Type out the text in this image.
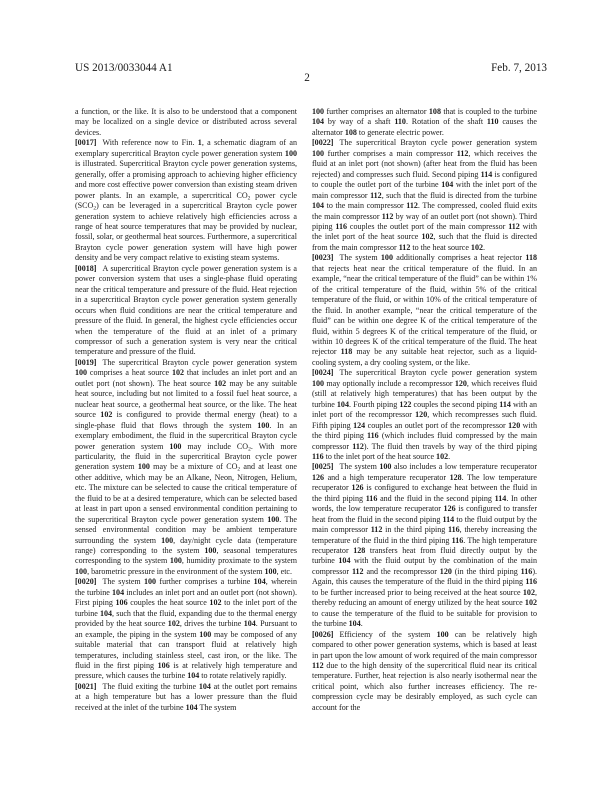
US 2013/0033044 A1	Feb. 7, 2013
2

a function, or the like. It is also to be understood that a component may be localized on a single device or distributed across several devices.

[0017] With reference now to Fin. 1, a schematic diagram of an exemplary supercritical Brayton cycle power generation system 100 is illustrated. Supercritical Brayton cycle power generation systems, generally, offer a promising approach to achieving higher efficiency and more cost effective power conversion than existing steam driven power plants. In an example, a supercritical $CO_2$ power cycle $(SCO_2)$ can be leveraged in a supercritical Brayton cycle power generation system to achieve relatively high efficiencies across a range of heat source temperatures that may be provided by nuclear, fossil, solar, or geothermal heat sources. Furthermore, a supercritical Brayton cycle power generation system will have high power density and be very compact relative to existing steam systems.

[0018] A supercritical Brayton cycle power generation system is a power conversion system that uses a single-phase fluid operating near the critical temperature and pressure of the fluid. Heat rejection in a supercritical Brayton cycle power generation system generally occurs when fluid conditions are near the critical temperature and pressure of the fluid. In general, the highest cycle efficiencies occur when the temperature of the fluid at an inlet of a primary compressor of such a generation system is very near the critical temperature and pressure of the fluid.

[0019] The supercritical Brayton cycle power generation system 100 comprises a heat source 102 that includes an inlet port and an outlet port (not shown). The heat source 102 may be any suitable heat source, including but not limited to a fossil fuel heat source, a nuclear heat source, a geothermal heat source, or the like. The heat source 102 is configured to provide thermal energy (heat) to a single-phase fluid that flows through the system 100. In an exemplary embodiment, the fluid in the supercritical Brayton cycle power generation system 100 may include $CO_2$. With more particularity, the fluid in the supercritical Brayton cycle power generation system 100 may be a mixture of $CO_2$ and at least one other additive, which may be an Alkane, Neon, Nitrogen, Helium, etc. The mixture can be selected to cause the critical temperature of the fluid to be at a desired temperature, which can be selected based at least in part upon a sensed environmental condition pertaining to the supercritical Brayton cycle power generation system 100. The sensed environmental condition may be ambient temperature surrounding the system 100, day/night cycle data (temperature range) corresponding to the system 100, seasonal temperatures corresponding to the system 100, humidity proximate to the system 100, barometric pressure in the environment of the system 100, etc.

[0020] The system 100 further comprises a turbine 104, wherein the turbine 104 includes an inlet port and an outlet port (not shown). First piping 106 couples the heat source 102 to the inlet port of the turbine 104, such that the fluid, expanding due to the thermal energy provided by the heat source 102, drives the turbine 104. Pursuant to an example, the piping in the system 100 may be composed of any suitable material that can transport fluid at relatively high temperatures, including stainless steel, cast iron, or the like. The fluid in the first piping 106 is at relatively high temperature and pressure, which causes the turbine 104 to rotate relatively rapidly.

[0021] The fluid exiting the turbine 104 at the outlet port remains at a high temperature but has a lower pressure than the fluid received at the inlet of the turbine 104 The system

100 further comprises an alternator 108 that is coupled to the turbine 104 by way of a shaft 110. Rotation of the shaft 110 causes the alternator 108 to generate electric power.

[0022] The supercritical Brayton cycle power generation system 100 further comprises a main compressor 112, which receives the fluid at an inlet port (not shown) (after heat from the fluid has been rejected) and compresses such fluid. Second piping 114 is configured to couple the outlet port of the turbine 104 with the inlet port of the main compressor 112, such that the fluid is directed from the turbine 104 to the main compressor 112. The compressed, cooled fluid exits the main compressor 112 by way of an outlet port (not shown). Third piping 116 couples the outlet port of the main compressor 112 with the inlet port of the heat source 102, such that the fluid is directed from the main compressor 112 to the heat source 102.

[0023] The system 100 additionally comprises a heat rejector 118 that rejects heat near the critical temperature of the fluid. In an example, “near the critical temperature of the fluid” can be within 1% of the critical temperature of the fluid, within 5% of the critical temperature of the fluid, or within 10% of the critical temperature of the fluid. In another example, “near the critical temperature of the fluid” can be within one degree K of the critical temperature of the fluid, within 5 degrees K of the critical temperature of the fluid, or within 10 degrees K of the critical temperature of the fluid. The heat rejector 118 may be any suitable heat rejector, such as a liquid-cooling system, a dry cooling system, or the like.

[0024] The supercritical Brayton cycle power generation system 100 may optionally include a recompressor 120, which receives fluid (still at relatively high temperatures) that has been output by the turbine 104. Fourth piping 122 couples the second piping 114 with an inlet port of the recompressor 120, which recompresses such fluid. Fifth piping 124 couples an outlet port of the recompressor 120 with the third piping 116 (which includes fluid compressed by the main compressor 112). The fluid then travels by way of the third piping 116 to the inlet port of the heat source 102.

[0025] The system 100 also includes a low temperature recuperator 126 and a high temperature recuperator 128. The low temperature recuperator 126 is configured to exchange heat between the fluid in the third piping 116 and the fluid in the second piping 114. In other words, the low temperature recuperator 126 is configured to transfer heat from the fluid in the second piping 114 to the fluid output by the main compressor 112 in the third piping 116, thereby increasing the temperature of the fluid in the third piping 116. The high temperature recuperator 128 transfers heat from fluid directly output by the turbine 104 with the fluid output by the combination of the main compressor 112 and the recompressor 120 (in the third piping 116). Again, this causes the temperature of the fluid in the third piping 116 to be further increased prior to being received at the heat source 102, thereby reducing an amount of energy utilized by the heat source 102 to cause the temperature of the fluid to be suitable for provision to the turbine 104.

[0026] Efficiency of the system 100 can be relatively high compared to other power generation systems, which is based at least in part upon the low amount of work required of the main compressor 112 due to the high density of the supercritical fluid near its critical temperature. Further, heat rejection is also nearly isothermal near the critical point, which also further increases efficiency. The re-compression cycle may be desirably employed, as such cycle can account for the
